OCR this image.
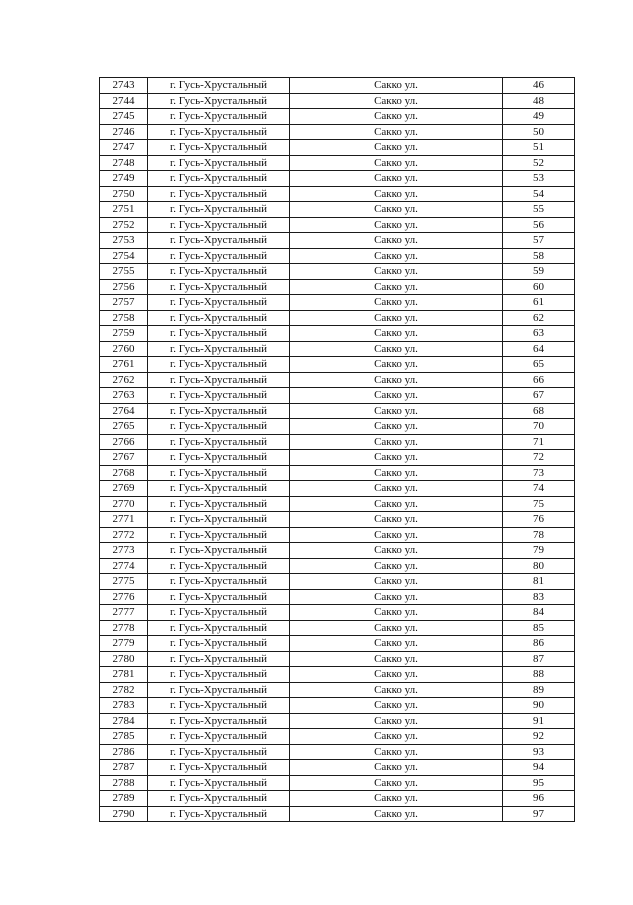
2743	г. Гусь-Хрустальный	Сакко ул.	46
2744	г. Гусь-Хрустальный	Сакко ул.	48
2745	г. Гусь-Хрустальный	Сакко ул.	49
2746	г. Гусь-Хрустальный	Сакко ул.	50
2747	г. Гусь-Хрустальный	Сакко ул.	51
2748	г. Гусь-Хрустальный	Сакко ул.	52
2749	г. Гусь-Хрустальный	Сакко ул.	53
2750	г. Гусь-Хрустальный	Сакко ул.	54
2751	г. Гусь-Хрустальный	Сакко ул.	55
2752	г. Гусь-Хрустальный	Сакко ул.	56
2753	г. Гусь-Хрустальный	Сакко ул.	57
2754	г. Гусь-Хрустальный	Сакко ул.	58
2755	г. Гусь-Хрустальный	Сакко ул.	59
2756	г. Гусь-Хрустальный	Сакко ул.	60
2757	г. Гусь-Хрустальный	Сакко ул.	61
2758	г. Гусь-Хрустальный	Сакко ул.	62
2759	г. Гусь-Хрустальный	Сакко ул.	63
2760	г. Гусь-Хрустальный	Сакко ул.	64
2761	г. Гусь-Хрустальный	Сакко ул.	65
2762	г. Гусь-Хрустальный	Сакко ул.	66
2763	г. Гусь-Хрустальный	Сакко ул.	67
2764	г. Гусь-Хрустальный	Сакко ул.	68
2765	г. Гусь-Хрустальный	Сакко ул.	70
2766	г. Гусь-Хрустальный	Сакко ул.	71
2767	г. Гусь-Хрустальный	Сакко ул.	72
2768	г. Гусь-Хрустальный	Сакко ул.	73
2769	г. Гусь-Хрустальный	Сакко ул.	74
2770	г. Гусь-Хрустальный	Сакко ул.	75
2771	г. Гусь-Хрустальный	Сакко ул.	76
2772	г. Гусь-Хрустальный	Сакко ул.	78
2773	г. Гусь-Хрустальный	Сакко ул.	79
2774	г. Гусь-Хрустальный	Сакко ул.	80
2775	г. Гусь-Хрустальный	Сакко ул.	81
2776	г. Гусь-Хрустальный	Сакко ул.	83
2777	г. Гусь-Хрустальный	Сакко ул.	84
2778	г. Гусь-Хрустальный	Сакко ул.	85
2779	г. Гусь-Хрустальный	Сакко ул.	86
2780	г. Гусь-Хрустальный	Сакко ул.	87
2781	г. Гусь-Хрустальный	Сакко ул.	88
2782	г. Гусь-Хрустальный	Сакко ул.	89
2783	г. Гусь-Хрустальный	Сакко ул.	90
2784	г. Гусь-Хрустальный	Сакко ул.	91
2785	г. Гусь-Хрустальный	Сакко ул.	92
2786	г. Гусь-Хрустальный	Сакко ул.	93
2787	г. Гусь-Хрустальный	Сакко ул.	94
2788	г. Гусь-Хрустальный	Сакко ул.	95
2789	г. Гусь-Хрустальный	Сакко ул.	96
2790	г. Гусь-Хрустальный	Сакко ул.	97
